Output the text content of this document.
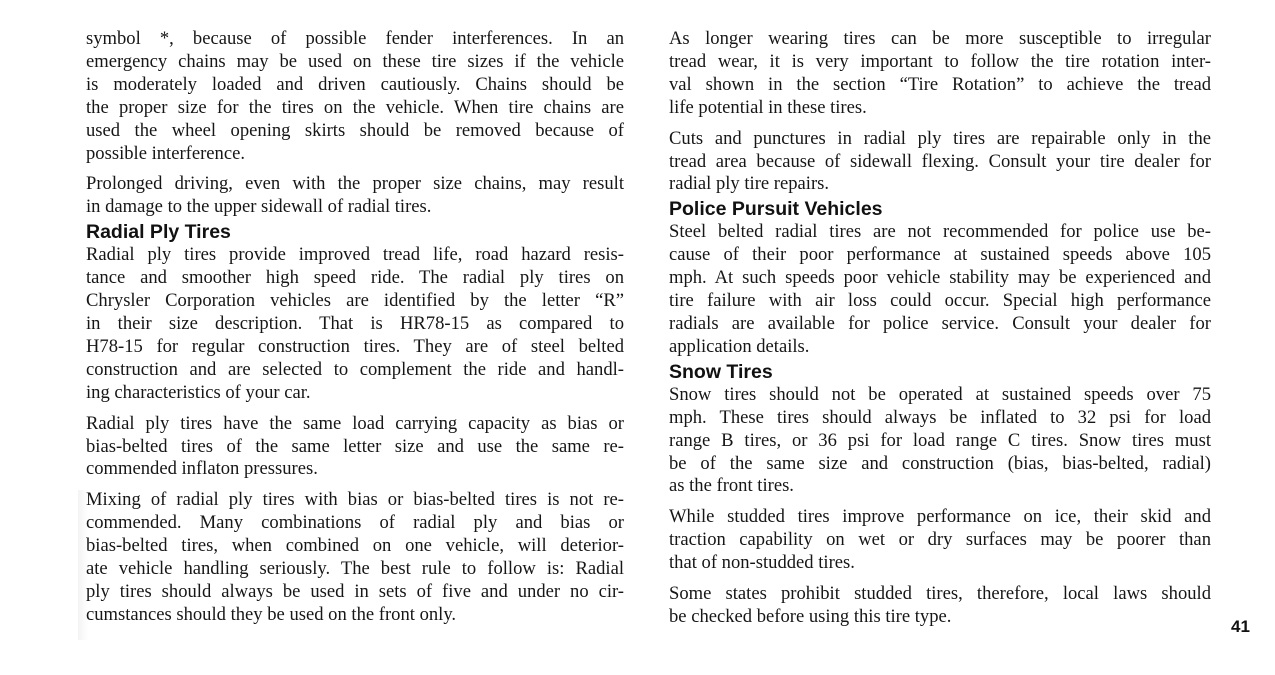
symbol *, because of possible fender interferences. In an
emergency chains may be used on these tire sizes if the vehicle
is moderately loaded and driven cautiously. Chains should be
the proper size for the tires on the vehicle. When tire chains are
used the wheel opening skirts should be removed because of
possible interference.
Prolonged driving, even with the proper size chains, may result
in damage to the upper sidewall of radial tires.
Radial Ply Tires
Radial ply tires provide improved tread life, road hazard resis-
tance and smoother high speed ride. The radial ply tires on
Chrysler Corporation vehicles are identified by the letter “R”
in their size description. That is HR78-15 as compared to
H78-15 for regular construction tires. They are of steel belted
construction and are selected to complement the ride and handl-
ing characteristics of your car.
Radial ply tires have the same load carrying capacity as bias or
bias-belted tires of the same letter size and use the same re-
commended inflaton pressures.
Mixing of radial ply tires with bias or bias-belted tires is not re-
commended. Many combinations of radial ply and bias or
bias-belted tires, when combined on one vehicle, will deterior-
ate vehicle handling seriously. The best rule to follow is: Radial
ply tires should always be used in sets of five and under no cir-
cumstances should they be used on the front only.
As longer wearing tires can be more susceptible to irregular
tread wear, it is very important to follow the tire rotation inter-
val shown in the section “Tire Rotation” to achieve the tread
life potential in these tires.
Cuts and punctures in radial ply tires are repairable only in the
tread area because of sidewall flexing. Consult your tire dealer for
radial ply tire repairs.
Police Pursuit Vehicles
Steel belted radial tires are not recommended for police use be-
cause of their poor performance at sustained speeds above 105
mph. At such speeds poor vehicle stability may be experienced and
tire failure with air loss could occur. Special high performance
radials are available for police service. Consult your dealer for
application details.
Snow Tires
Snow tires should not be operated at sustained speeds over 75
mph. These tires should always be inflated to 32 psi for load
range B tires, or 36 psi for load range C tires. Snow tires must
be of the same size and construction (bias, bias-belted, radial)
as the front tires.
While studded tires improve performance on ice, their skid and
traction capability on wet or dry surfaces may be poorer than
that of non-studded tires.
Some states prohibit studded tires, therefore, local laws should
be checked before using this tire type.	41
